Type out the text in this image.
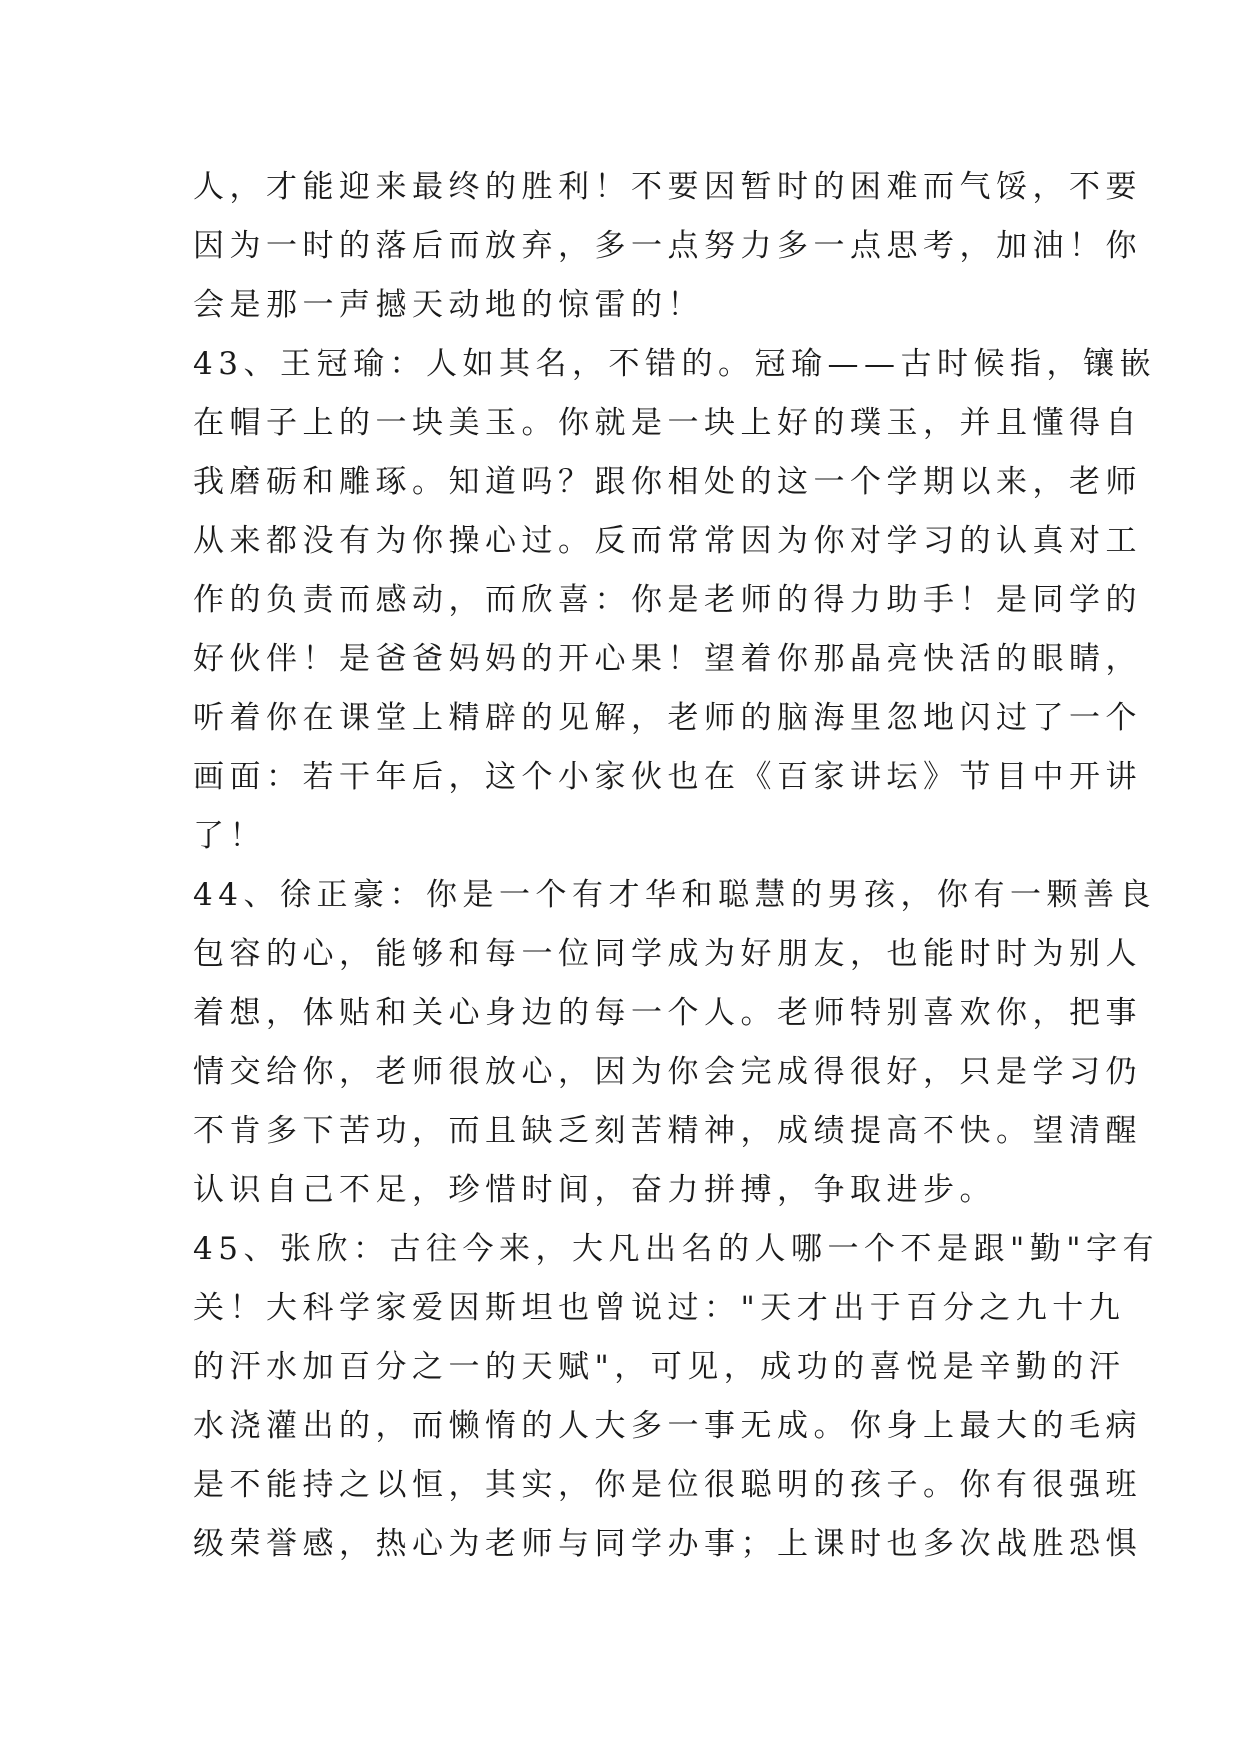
人，才能迎来最终的胜利！不要因暂时的困难而气馁，不要
因为一时的落后而放弃，多一点努力多一点思考，加油！你
会是那一声撼天动地的惊雷的！
43、王冠瑜：人如其名，不错的。冠瑜——古时候指，镶嵌
在帽子上的一块美玉。你就是一块上好的璞玉，并且懂得自
我磨砺和雕琢。知道吗？跟你相处的这一个学期以来，老师
从来都没有为你操心过。反而常常因为你对学习的认真对工
作的负责而感动，而欣喜：你是老师的得力助手！是同学的
好伙伴！是爸爸妈妈的开心果！望着你那晶亮快活的眼睛，
听着你在课堂上精辟的见解，老师的脑海里忽地闪过了一个
画面：若干年后，这个小家伙也在《百家讲坛》节目中开讲
了！
44、徐正豪：你是一个有才华和聪慧的男孩，你有一颗善良
包容的心，能够和每一位同学成为好朋友，也能时时为别人
着想，体贴和关心身边的每一个人。老师特别喜欢你，把事
情交给你，老师很放心，因为你会完成得很好，只是学习仍
不肯多下苦功，而且缺乏刻苦精神，成绩提高不快。望清醒
认识自己不足，珍惜时间，奋力拼搏，争取进步。
45、张欣：古往今来，大凡出名的人哪一个不是跟"勤"字有
关！大科学家爱因斯坦也曾说过："天才出于百分之九十九
的汗水加百分之一的天赋"，可见，成功的喜悦是辛勤的汗
水浇灌出的，而懒惰的人大多一事无成。你身上最大的毛病
是不能持之以恒，其实，你是位很聪明的孩子。你有很强班
级荣誉感，热心为老师与同学办事；上课时也多次战胜恐惧
